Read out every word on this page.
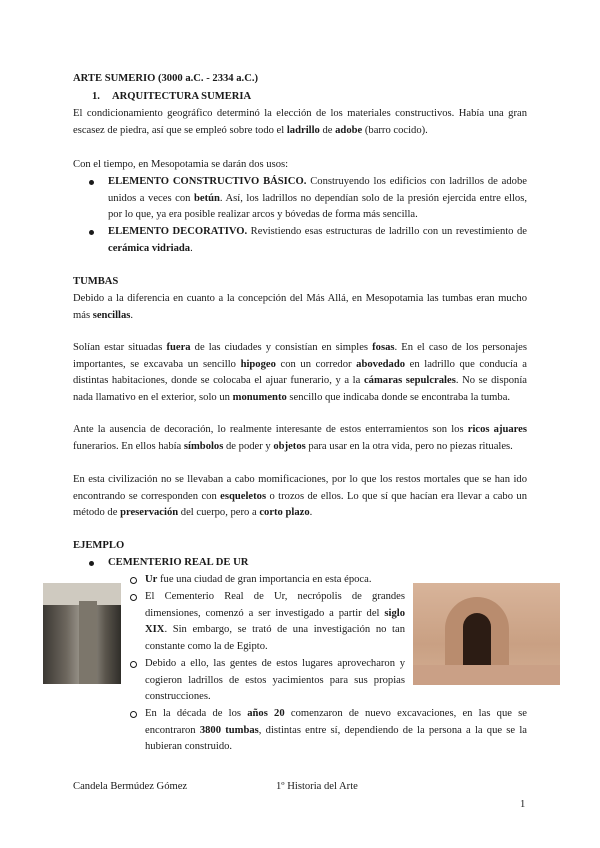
ARTE SUMERIO (3000 a.C. - 2334 a.C.)
1. ARQUITECTURA SUMERIA

El condicionamiento geográfico determinó la elección de los materiales constructivos. Había una gran escasez de piedra, así que se empleó sobre todo el ladrillo de adobe (barro cocido).

Con el tiempo, en Mesopotamia se darán dos usos:

ELEMENTO CONSTRUCTIVO BÁSICO. Construyendo los edificios con ladrillos de adobe unidos a veces con betún. Así, los ladrillos no dependían solo de la presión ejercida entre ellos, por lo que, ya era posible realizar arcos y bóvedas de forma más sencilla.

ELEMENTO DECORATIVO. Revistiendo esas estructuras de ladrillo con un revestimiento de cerámica vidriada.

TUMBAS

Debido a la diferencia en cuanto a la concepción del Más Allá, en Mesopotamia las tumbas eran mucho más sencillas.

Solían estar situadas fuera de las ciudades y consistían en simples fosas. En el caso de los personajes importantes, se excavaba un sencillo hipogeo con un corredor abovedado en ladrillo que conducía a distintas habitaciones, donde se colocaba el ajuar funerario, y a la cámaras sepulcrales. No se disponía nada llamativo en el exterior, solo un monumento sencillo que indicaba donde se encontraba la tumba.

Ante la ausencia de decoración, lo realmente interesante de estos enterramientos son los ricos ajuares funerarios. En ellos había símbolos de poder y objetos para usar en la otra vida, pero no piezas rituales.

En esta civilización no se llevaban a cabo momificaciones, por lo que los restos mortales que se han ido encontrando se corresponden con esqueletos o trozos de ellos. Lo que sí que hacían era llevar a cabo un método de preservación del cuerpo, pero a corto plazo.

EJEMPLO

CEMENTERIO REAL DE UR

Ur fue una ciudad de gran importancia en esta época.

El Cementerio Real de Ur, necrópolis de grandes dimensiones, comenzó a ser investigado a partir del siglo XIX. Sin embargo, se trató de una investigación no tan constante como la de Egipto.

Debido a ello, las gentes de estos lugares aprovecharon y cogieron ladrillos de estos yacimientos para sus propias construcciones.

En la década de los años 20 comenzaron de nuevo excavaciones, en las que se encontraron 3800 tumbas, distintas entre sí, dependiendo de la persona a la que se la hubieran construido.

Candela Bermúdez Gómez	1º Historia del Arte
1
